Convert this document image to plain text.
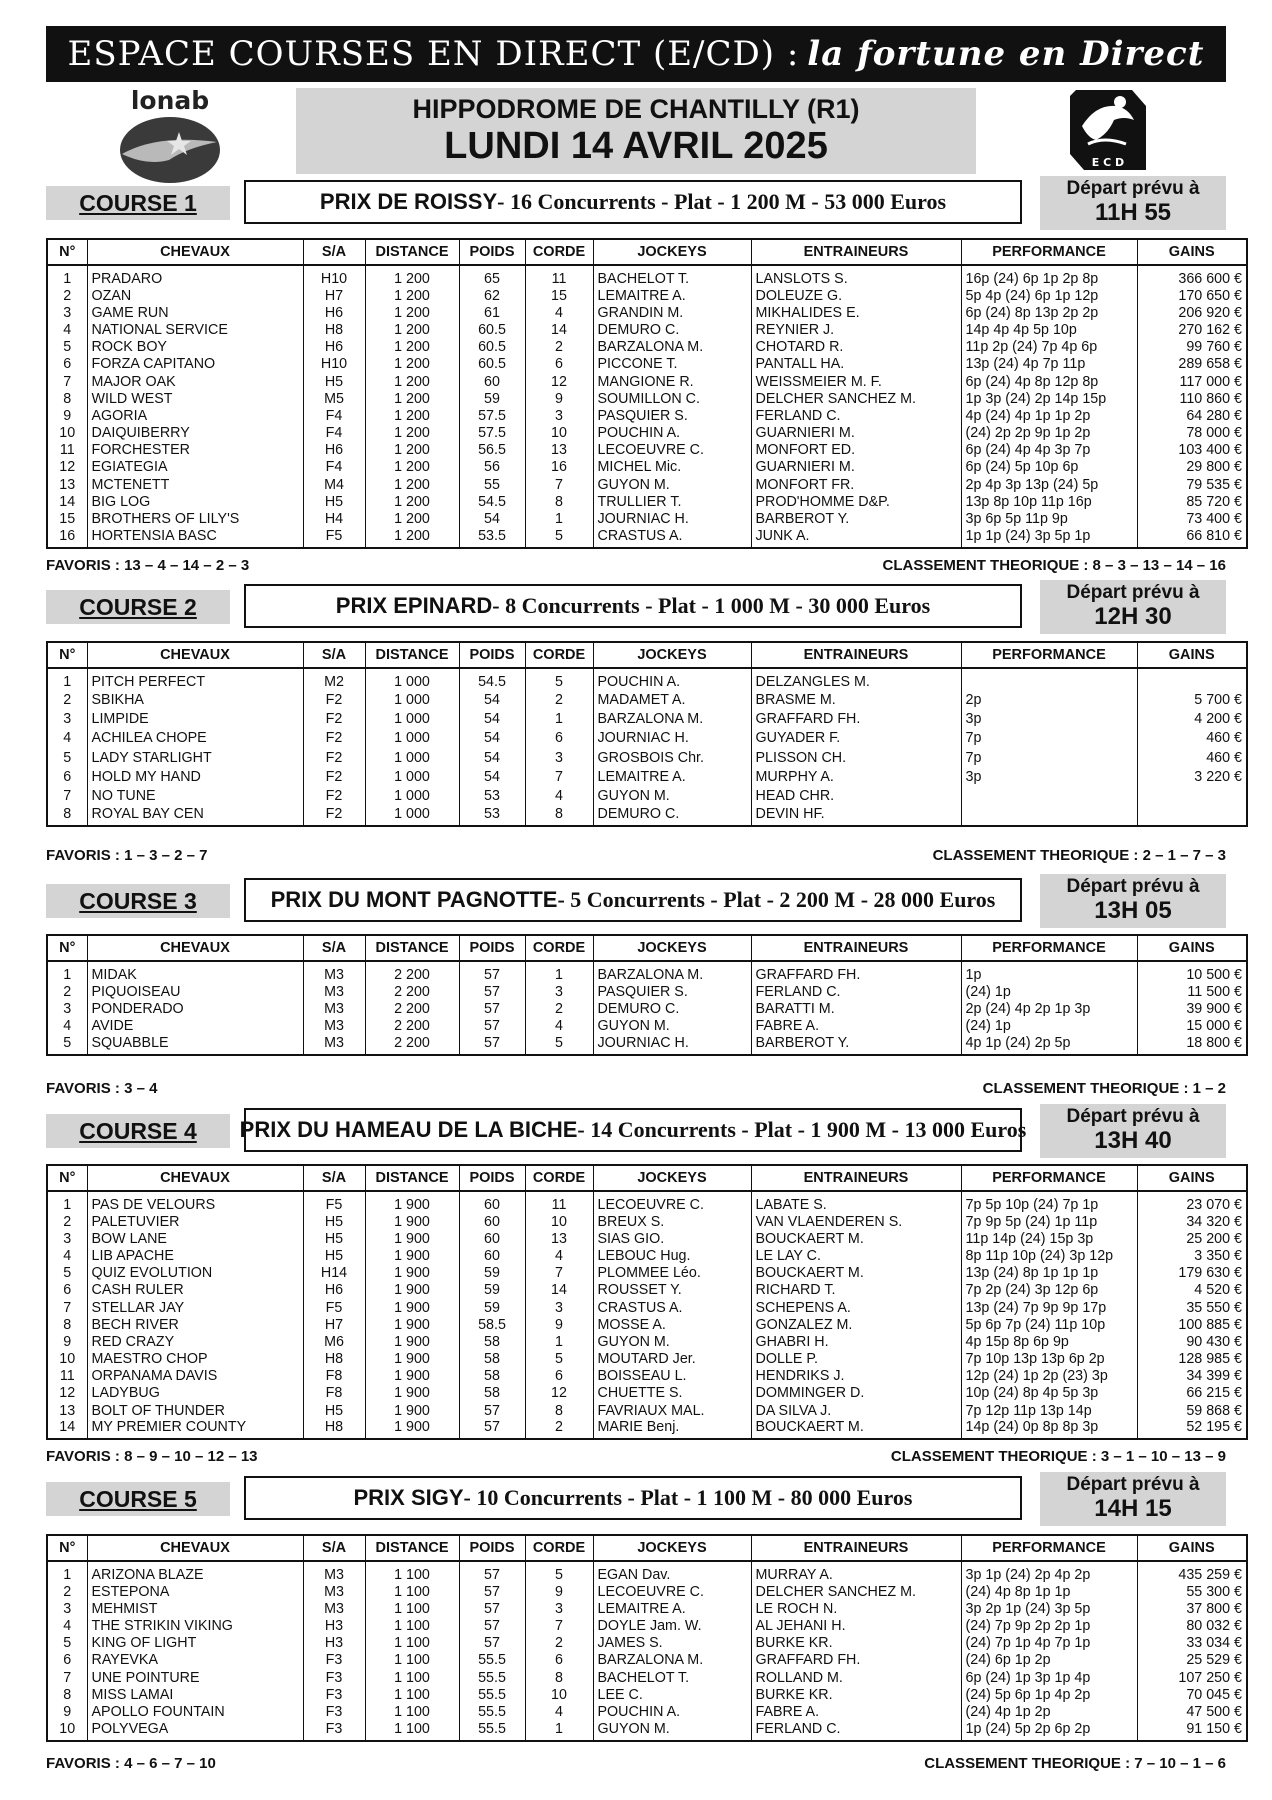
ESPACE COURSES EN DIRECT (E/CD) : la fortune en Direct
lonab	HIPPODROME DE CHANTILLY (R1)
LUNDI 14 AVRIL 2025	E C D
COURSE 1	PRIX DE ROISSY - 16 Concurrents - Plat - 1 200 M - 53 000 Euros
Départ prévu à
11H 55
N°	CHEVAUX	S/A	DISTANCE	POIDS	CORDE	JOCKEYS	ENTRAINEURS	PERFORMANCE	GAINS
1	PRADARO	H10	1 200	65	11	BACHELOT T.	LANSLOTS S.	16p (24) 6p 1p 2p 8p	366 600 €
2	OZAN	H7	1 200	62	15	LEMAITRE A.	DOLEUZE G.	5p 4p (24) 6p 1p 12p	170 650 €
3	GAME RUN	H6	1 200	61	4	GRANDIN M.	MIKHALIDES E.	6p (24) 8p 13p 2p 2p	206 920 €
4	NATIONAL SERVICE	H8	1 200	60.5	14	DEMURO C.	REYNIER J.	14p 4p 4p 5p 10p	270 162 €
5	ROCK BOY	H6	1 200	60.5	2	BARZALONA M.	CHOTARD R.	11p 2p (24) 7p 4p 6p	99 760 €
6	FORZA CAPITANO	H10	1 200	60.5	6	PICCONE T.	PANTALL HA.	13p (24) 4p 7p 11p	289 658 €
7	MAJOR OAK	H5	1 200	60	12	MANGIONE R.	WEISSMEIER M. F.	6p (24) 4p 8p 12p 8p	117 000 €
8	WILD WEST	M5	1 200	59	9	SOUMILLON C.	DELCHER SANCHEZ M.	1p 3p (24) 2p 14p 15p	110 860 €
9	AGORIA	F4	1 200	57.5	3	PASQUIER S.	FERLAND C.	4p (24) 4p 1p 1p 2p	64 280 €
10	DAIQUIBERRY	F4	1 200	57.5	10	POUCHIN A.	GUARNIERI M.	(24) 2p 2p 9p 1p 2p	78 000 €
11	FORCHESTER	H6	1 200	56.5	13	LECOEUVRE C.	MONFORT ED.	6p (24) 4p 4p 3p 7p	103 400 €
12	EGIATEGIA	F4	1 200	56	16	MICHEL Mic.	GUARNIERI M.	6p (24) 5p 10p 6p	29 800 €
13	MCTENETT	M4	1 200	55	7	GUYON M.	MONFORT FR.	2p 4p 3p 13p (24) 5p	79 535 €
14	BIG LOG	H5	1 200	54.5	8	TRULLIER T.	PROD'HOMME D&P.	13p 8p 10p 11p 16p	85 720 €
15	BROTHERS OF LILY'S	H4	1 200	54	1	JOURNIAC H.	BARBEROT Y.	3p 6p 5p 11p 9p	73 400 €
16	HORTENSIA BASC	F5	1 200	53.5	5	CRASTUS A.	JUNK A.	1p 1p (24) 3p 5p 1p	66 810 €
FAVORIS : 13 – 4 – 14 – 2 – 3	CLASSEMENT THEORIQUE : 8 – 3 – 13 – 14 – 16
COURSE 2	PRIX EPINARD - 8 Concurrents - Plat - 1 000 M - 30 000 Euros
Départ prévu à
12H 30
N°	CHEVAUX	S/A	DISTANCE	POIDS	CORDE	JOCKEYS	ENTRAINEURS	PERFORMANCE	GAINS
1	PITCH PERFECT	M2	1 000	54.5	5	POUCHIN A.	DELZANGLES M.		
2	SBIKHA	F2	1 000	54	2	MADAMET A.	BRASME M.	2p	5 700 €
3	LIMPIDE	F2	1 000	54	1	BARZALONA M.	GRAFFARD FH.	3p	4 200 €
4	ACHILEA CHOPE	F2	1 000	54	6	JOURNIAC H.	GUYADER F.	7p	460 €
5	LADY STARLIGHT	F2	1 000	54	3	GROSBOIS Chr.	PLISSON CH.	7p	460 €
6	HOLD MY HAND	F2	1 000	54	7	LEMAITRE A.	MURPHY A.	3p	3 220 €
7	NO TUNE	F2	1 000	53	4	GUYON M.	HEAD CHR.		
8	ROYAL BAY CEN	F2	1 000	53	8	DEMURO C.	DEVIN HF.		
FAVORIS : 1 – 3 – 2 – 7	CLASSEMENT THEORIQUE : 2 – 1 – 7 – 3
COURSE 3	PRIX DU MONT PAGNOTTE - 5 Concurrents - Plat - 2 200 M - 28 000 Euros
Départ prévu à
13H 05
N°	CHEVAUX	S/A	DISTANCE	POIDS	CORDE	JOCKEYS	ENTRAINEURS	PERFORMANCE	GAINS
1	MIDAK	M3	2 200	57	1	BARZALONA M.	GRAFFARD FH.	1p	10 500 €
2	PIQUOISEAU	M3	2 200	57	3	PASQUIER S.	FERLAND C.	(24) 1p	11 500 €
3	PONDERADO	M3	2 200	57	2	DEMURO C.	BARATTI M.	2p (24) 4p 2p 1p 3p	39 900 €
4	AVIDE	M3	2 200	57	4	GUYON M.	FABRE A.	(24) 1p	15 000 €
5	SQUABBLE	M3	2 200	57	5	JOURNIAC H.	BARBEROT Y.	4p 1p (24) 2p 5p	18 800 €
FAVORIS : 3 – 4	CLASSEMENT THEORIQUE : 1 – 2
COURSE 4	PRIX DU HAMEAU DE LA BICHE - 14 Concurrents - Plat - 1 900 M - 13 000 Euros
Départ prévu à
13H 40
N°	CHEVAUX	S/A	DISTANCE	POIDS	CORDE	JOCKEYS	ENTRAINEURS	PERFORMANCE	GAINS
1	PAS DE VELOURS	F5	1 900	60	11	LECOEUVRE C.	LABATE S.	7p 5p 10p (24) 7p 1p	23 070 €
2	PALETUVIER	H5	1 900	60	10	BREUX S.	VAN VLAENDEREN S.	7p 9p 5p (24) 1p 11p	34 320 €
3	BOW LANE	H5	1 900	60	13	SIAS GIO.	BOUCKAERT M.	11p 14p (24) 15p 3p	25 200 €
4	LIB APACHE	H5	1 900	60	4	LEBOUC Hug.	LE LAY C.	8p 11p 10p (24) 3p 12p	3 350 €
5	QUIZ EVOLUTION	H14	1 900	59	7	PLOMMEE Léo.	BOUCKAERT M.	13p (24) 8p 1p 1p 1p	179 630 €
6	CASH RULER	H6	1 900	59	14	ROUSSET Y.	RICHARD T.	7p 2p (24) 3p 12p 6p	4 520 €
7	STELLAR JAY	F5	1 900	59	3	CRASTUS A.	SCHEPENS A.	13p (24) 7p 9p 9p 17p	35 550 €
8	BECH RIVER	H7	1 900	58.5	9	MOSSE A.	GONZALEZ M.	5p 6p 7p (24) 11p 10p	100 885 €
9	RED CRAZY	M6	1 900	58	1	GUYON M.	GHABRI H.	4p 15p 8p 6p 9p	90 430 €
10	MAESTRO CHOP	H8	1 900	58	5	MOUTARD Jer.	DOLLE P.	7p 10p 13p 13p 6p 2p	128 985 €
11	ORPANAMA DAVIS	F8	1 900	58	6	BOISSEAU L.	HENDRIKS J.	12p (24) 1p 2p (23) 3p	34 399 €
12	LADYBUG	F8	1 900	58	12	CHUETTE S.	DOMMINGER D.	10p (24) 8p 4p 5p 3p	66 215 €
13	BOLT OF THUNDER	H5	1 900	57	8	FAVRIAUX MAL.	DA SILVA J.	7p 12p 11p 13p 14p	59 868 €
14	MY PREMIER COUNTY	H8	1 900	57	2	MARIE Benj.	BOUCKAERT M.	14p (24) 0p 8p 8p 3p	52 195 €
FAVORIS : 8 – 9 – 10 – 12 – 13	CLASSEMENT THEORIQUE : 3 – 1 – 10 – 13 – 9
COURSE 5	PRIX SIGY - 10 Concurrents - Plat - 1 100 M - 80 000 Euros
Départ prévu à
14H 15
N°	CHEVAUX	S/A	DISTANCE	POIDS	CORDE	JOCKEYS	ENTRAINEURS	PERFORMANCE	GAINS
1	ARIZONA BLAZE	M3	1 100	57	5	EGAN Dav.	MURRAY A.	3p 1p (24) 2p 4p 2p	435 259 €
2	ESTEPONA	M3	1 100	57	9	LECOEUVRE C.	DELCHER SANCHEZ M.	(24) 4p 8p 1p 1p	55 300 €
3	MEHMIST	M3	1 100	57	3	LEMAITRE A.	LE ROCH N.	3p 2p 1p (24) 3p 5p	37 800 €
4	THE STRIKIN VIKING	H3	1 100	57	7	DOYLE Jam. W.	AL JEHANI H.	(24) 7p 9p 2p 2p 1p	80 032 €
5	KING OF LIGHT	H3	1 100	57	2	JAMES S.	BURKE KR.	(24) 7p 1p 4p 7p 1p	33 034 €
6	RAYEVKA	F3	1 100	55.5	6	BARZALONA M.	GRAFFARD FH.	(24) 6p 1p 2p	25 529 €
7	UNE POINTURE	F3	1 100	55.5	8	BACHELOT T.	ROLLAND M.	6p (24) 1p 3p 1p 4p	107 250 €
8	MISS LAMAI	F3	1 100	55.5	10	LEE C.	BURKE KR.	(24) 5p 6p 1p 4p 2p	70 045 €
9	APOLLO FOUNTAIN	F3	1 100	55.5	4	POUCHIN A.	FABRE A.	(24) 4p 1p 2p	47 500 €
10	POLYVEGA	F3	1 100	55.5	1	GUYON M.	FERLAND C.	1p (24) 5p 2p 6p 2p	91 150 €
FAVORIS : 4 – 6 – 7 – 10	CLASSEMENT THEORIQUE : 7 – 10 – 1 – 6
